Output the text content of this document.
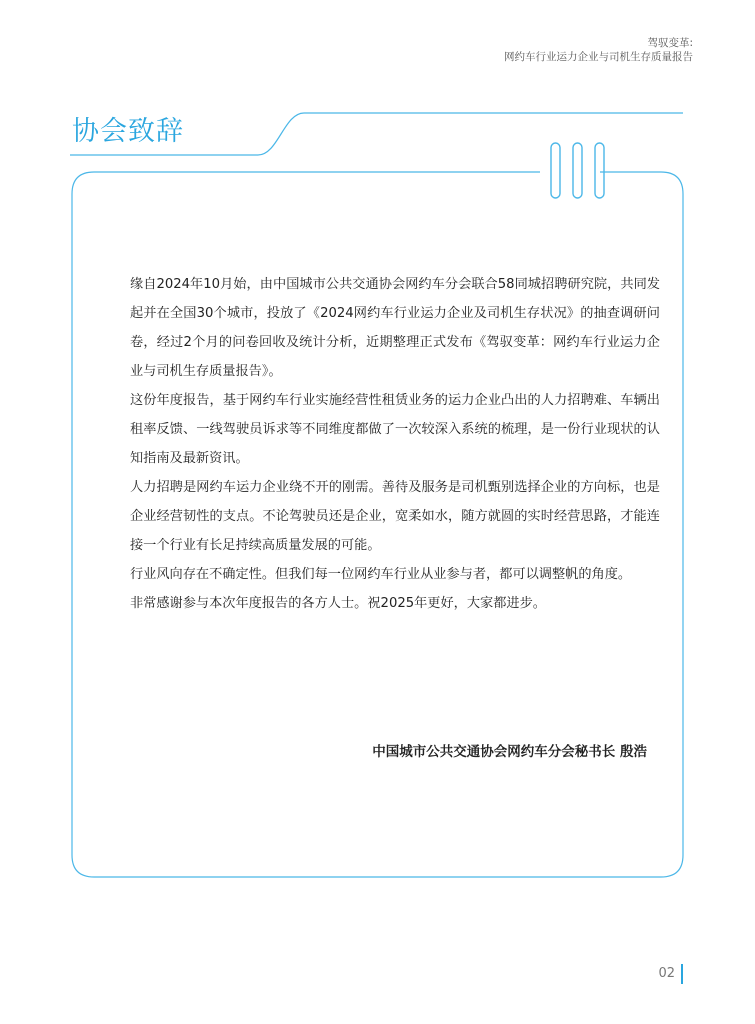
驾驭变革:
网约车行业运力企业与司机生存质量报告
协会致辞

缘自2024年10月始，由中国城市公共交通协会网约车分会联合58同城招聘研究院，共同发起并在全国30个城市，投放了《2024网约车行业运力企业及司机生存状况》的抽查调研问卷，经过2个月的问卷回收及统计分析，近期整理正式发布《驾驭变革：网约车行业运力企业与司机生存质量报告》。

这份年度报告，基于网约车行业实施经营性租赁业务的运力企业凸出的人力招聘难、车辆出租率反馈、一线驾驶员诉求等不同维度都做了一次较深入系统的梳理，是一份行业现状的认知指南及最新资讯。

人力招聘是网约车运力企业绕不开的刚需。善待及服务是司机甄别选择企业的方向标，也是企业经营韧性的支点。不论驾驶员还是企业，宽柔如水，随方就圆的实时经营思路，才能连接一个行业有长足持续高质量发展的可能。

行业风向存在不确定性。但我们每一位网约车行业从业参与者，都可以调整帆的角度。

非常感谢参与本次年度报告的各方人士。祝2025年更好，大家都进步。

中国城市公共交通协会网约车分会秘书长 殷浩
02
